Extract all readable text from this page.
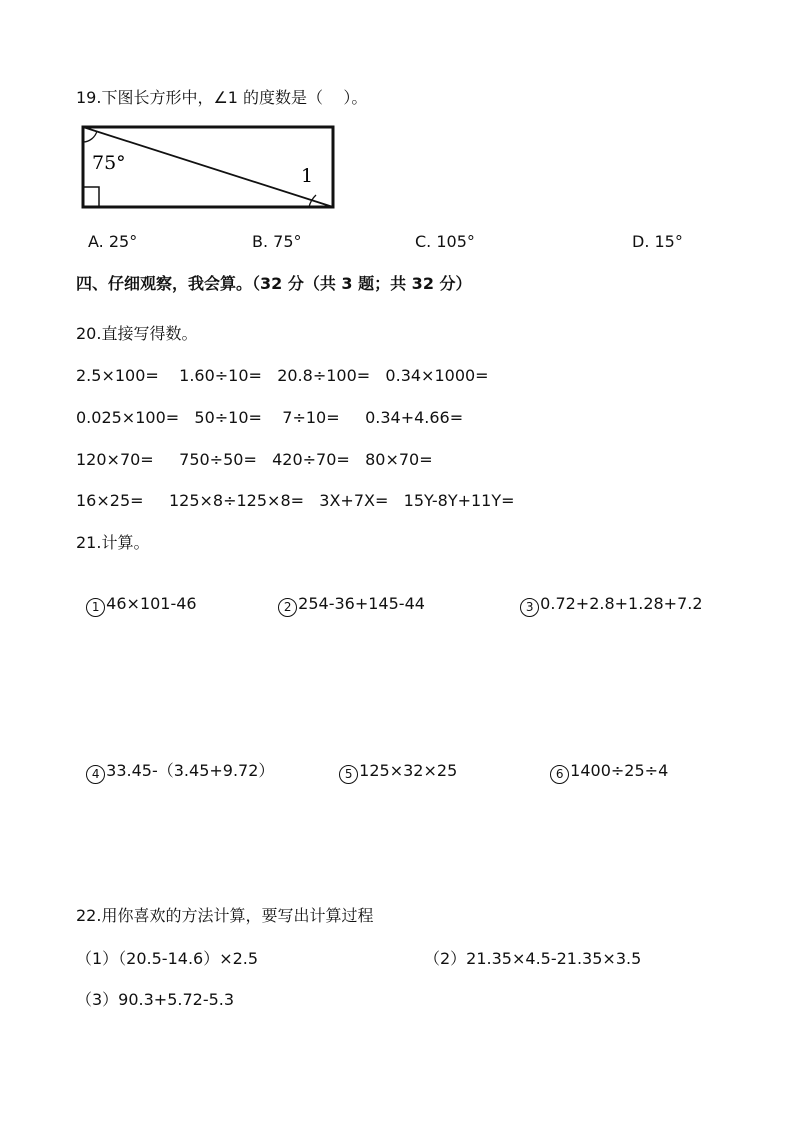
19.下图长方形中，∠1 的度数是（    ）。
75°
1
A. 25°	B. 75°	C. 105°	D. 15°
四、仔细观察，我会算。（32 分（共 3 题；共 32 分）
20.直接写得数。
2.5×100=    1.60÷10=   20.8÷100=   0.34×1000=
0.025×100=   50÷10=    7÷10=     0.34+4.66=
120×70=     750÷50=   420÷70=   80×70=
16×25=     125×8÷125×8=   3X+7X=   15Y-8Y+11Y=
21.计算。

1 46×101-46	2 254-36+145-44	3 0.72+2.8+1.28+7.2

4 33.45-（3.45+9.72）	5 125×32×25	6 1400÷25÷4

22.用你喜欢的方法计算，要写出计算过程
（1）（20.5-14.6）×2.5	（2）21.35×4.5-21.35×3.5
（3）90.3+5.72-5.3
